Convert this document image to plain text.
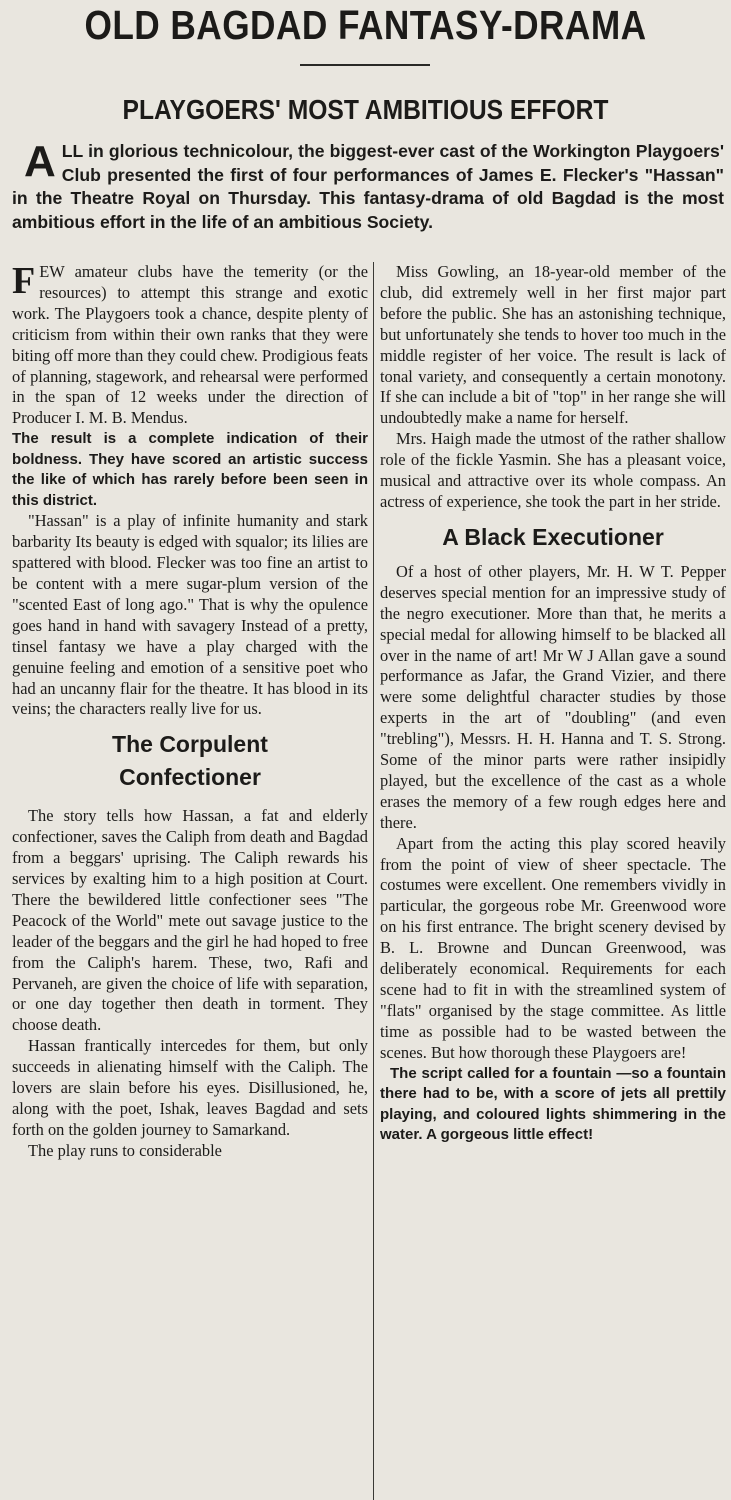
OLD BAGDAD FANTASY-DRAMA
PLAYGOERS' MOST AMBITIOUS EFFORT

ALL in glorious technicolour, the biggest-ever cast of the Workington Playgoers' Club presented the first of four performances of James E. Flecker's "Hassan" in the Theatre Royal on Thursday. This fantasy-drama of old Bagdad is the most ambitious effort in the life of an ambitious Society.

FEW amateur clubs have the temerity (or the resources) to attempt this strange and exotic work. The Playgoers took a chance, despite plenty of criticism from within their own ranks that they were biting off more than they could chew. Prodigious feats of planning, stagework, and rehearsal were performed in the span of 12 weeks under the direction of Producer I. M. B. Mendus.

The result is a complete indication of their boldness. They have scored an artistic success the like of which has rarely before been seen in this district.

"Hassan" is a play of infinite humanity and stark barbarity Its beauty is edged with squalor; its lilies are spattered with blood. Flecker was too fine an artist to be content with a mere sugar-plum version of the "scented East of long ago." That is why the opulence goes hand in hand with savagery Instead of a pretty, tinsel fantasy we have a play charged with the genuine feeling and emotion of a sensitive poet who had an uncanny flair for the theatre. It has blood in its veins; the characters really live for us.

The Corpulent
Confectioner

The story tells how Hassan, a fat and elderly confectioner, saves the Caliph from death and Bagdad from a beggars' uprising. The Caliph rewards his services by exalting him to a high position at Court. There the bewildered little confectioner sees "The Peacock of the World" mete out savage justice to the leader of the beggars and the girl he had hoped to free from the Caliph's harem. These, two, Rafi and Pervaneh, are given the choice of life with separation, or one day together then death in torment. They choose death.

Hassan frantically intercedes for them, but only succeeds in alienating himself with the Caliph. The lovers are slain before his eyes. Disillusioned, he, along with the poet, Ishak, leaves Bagdad and sets forth on the golden journey to Samarkand.

The play runs to considerable

Miss Gowling, an 18-year-old member of the club, did extremely well in her first major part before the public. She has an astonishing technique, but unfortunately she tends to hover too much in the middle register of her voice. The result is lack of tonal variety, and consequently a certain monotony. If she can include a bit of "top" in her range she will undoubtedly make a name for herself.

Mrs. Haigh made the utmost of the rather shallow role of the fickle Yasmin. She has a pleasant voice, musical and attractive over its whole compass. An actress of experience, she took the part in her stride.

A Black Executioner

Of a host of other players, Mr. H. W T. Pepper deserves special mention for an impressive study of the negro executioner. More than that, he merits a special medal for allowing himself to be blacked all over in the name of art! Mr W J Allan gave a sound performance as Jafar, the Grand Vizier, and there were some delightful character studies by those experts in the art of "doubling" (and even "trebling"), Messrs. H. H. Hanna and T. S. Strong. Some of the minor parts were rather insipidly played, but the excellence of the cast as a whole erases the memory of a few rough edges here and there.

Apart from the acting this play scored heavily from the point of view of sheer spectacle. The costumes were excellent. One remembers vividly in particular, the gorgeous robe Mr. Greenwood wore on his first entrance. The bright scenery devised by B. L. Browne and Duncan Greenwood, was deliberately economical. Requirements for each scene had to fit in with the streamlined system of "flats" organised by the stage committee. As little time as possible had to be wasted between the scenes. But how thorough these Playgoers are!

The script called for a fountain —so a fountain there had to be, with a score of jets all prettily playing, and coloured lights shimmering in the water. A gorgeous little effect!
